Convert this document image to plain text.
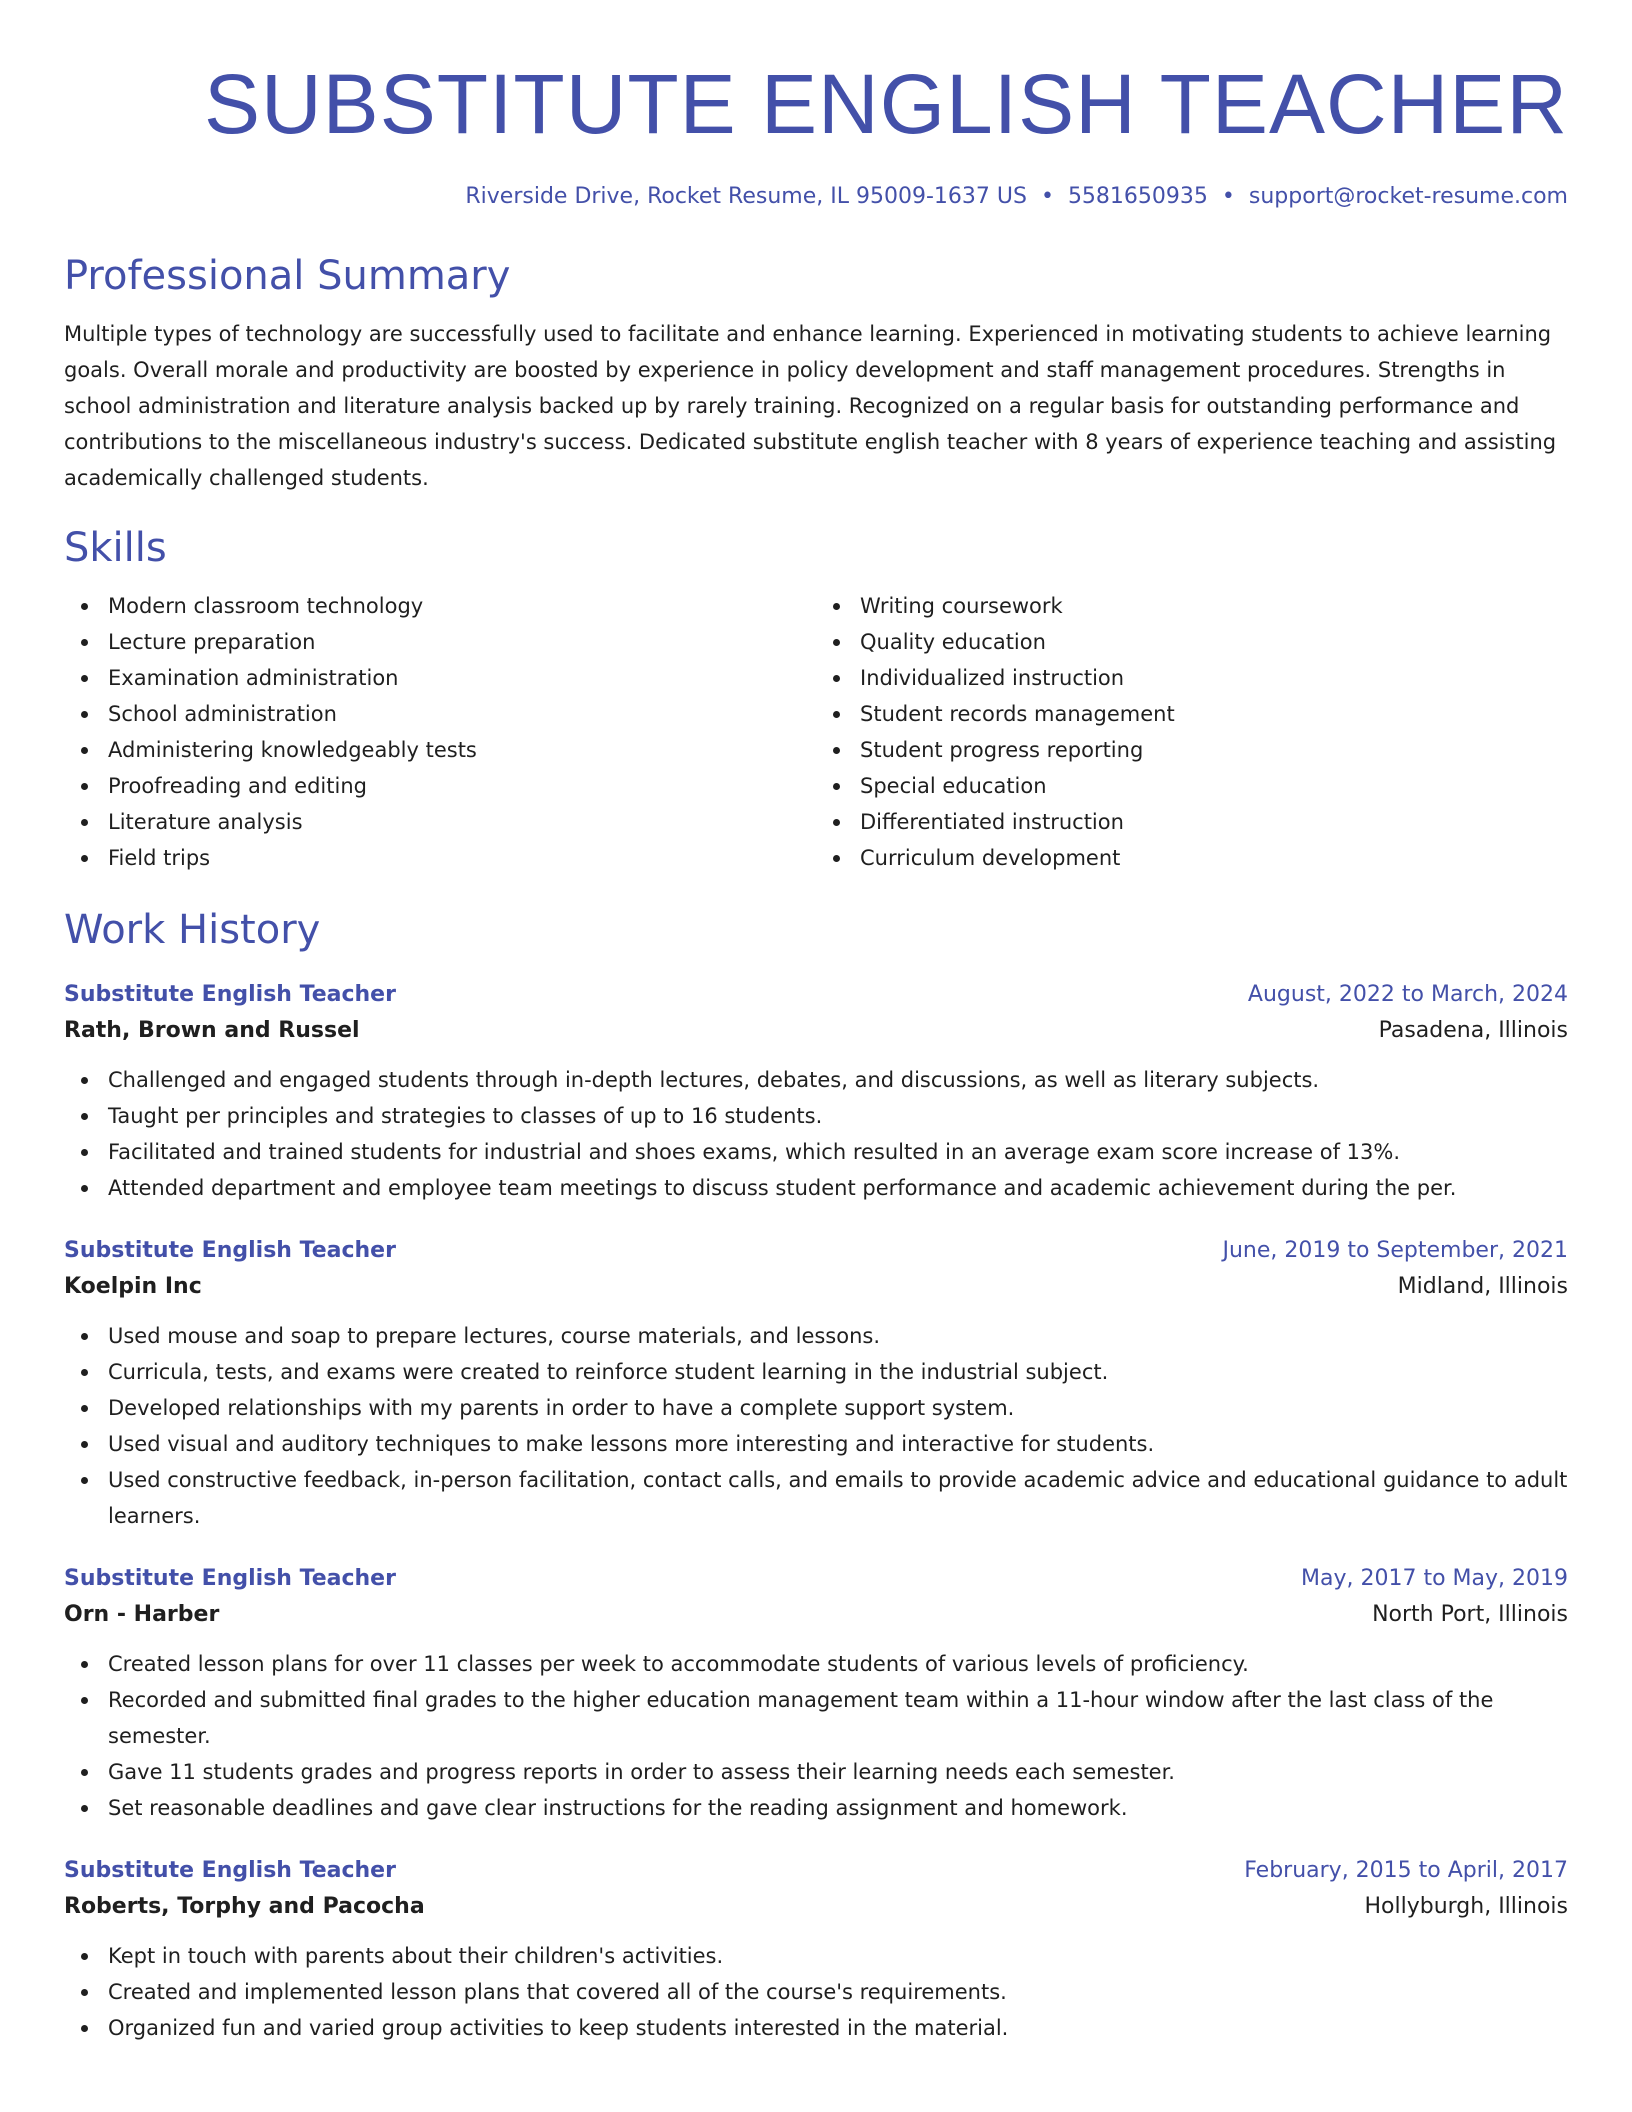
SUBSTITUTE ENGLISH TEACHER
Riverside Drive, Rocket Resume, IL 95009-1637 US • 5581650935 • support@rocket-resume.com
Professional Summary

Multiple types of technology are successfully used to facilitate and enhance learning. Experienced in motivating students to achieve learning goals. Overall morale and productivity are boosted by experience in policy development and staff management procedures. Strengths in school administration and literature analysis backed up by rarely training. Recognized on a regular basis for outstanding performance and contributions to the miscellaneous industry's success. Dedicated substitute english teacher with 8 years of experience teaching and assisting academically challenged students.

Skills
Modern classroom technology
Lecture preparation
Examination administration
School administration
Administering knowledgeably tests
Proofreading and editing
Literature analysis
Field trips
Writing coursework
Quality education
Individualized instruction
Student records management
Student progress reporting
Special education
Differentiated instruction
Curriculum development
Work History
Substitute English Teacher	August, 2022 to March, 2024
Rath, Brown and Russel	Pasadena, Illinois
Challenged and engaged students through in-depth lectures, debates, and discussions, as well as literary subjects.
Taught per principles and strategies to classes of up to 16 students.
Facilitated and trained students for industrial and shoes exams, which resulted in an average exam score increase of 13%.
Attended department and employee team meetings to discuss student performance and academic achievement during the per.
Substitute English Teacher	June, 2019 to September, 2021
Koelpin Inc	Midland, Illinois
Used mouse and soap to prepare lectures, course materials, and lessons.
Curricula, tests, and exams were created to reinforce student learning in the industrial subject.
Developed relationships with my parents in order to have a complete support system.
Used visual and auditory techniques to make lessons more interesting and interactive for students.
Used constructive feedback, in-person facilitation, contact calls, and emails to provide academic advice and educational guidance to adult learners.
Substitute English Teacher	May, 2017 to May, 2019
Orn - Harber	North Port, Illinois
Created lesson plans for over 11 classes per week to accommodate students of various levels of proficiency.
Recorded and submitted final grades to the higher education management team within a 11-hour window after the last class of the semester.
Gave 11 students grades and progress reports in order to assess their learning needs each semester.
Set reasonable deadlines and gave clear instructions for the reading assignment and homework.
Substitute English Teacher	February, 2015 to April, 2017
Roberts, Torphy and Pacocha	Hollyburgh, Illinois
Kept in touch with parents about their children's activities.
Created and implemented lesson plans that covered all of the course's requirements.
Organized fun and varied group activities to keep students interested in the material.
